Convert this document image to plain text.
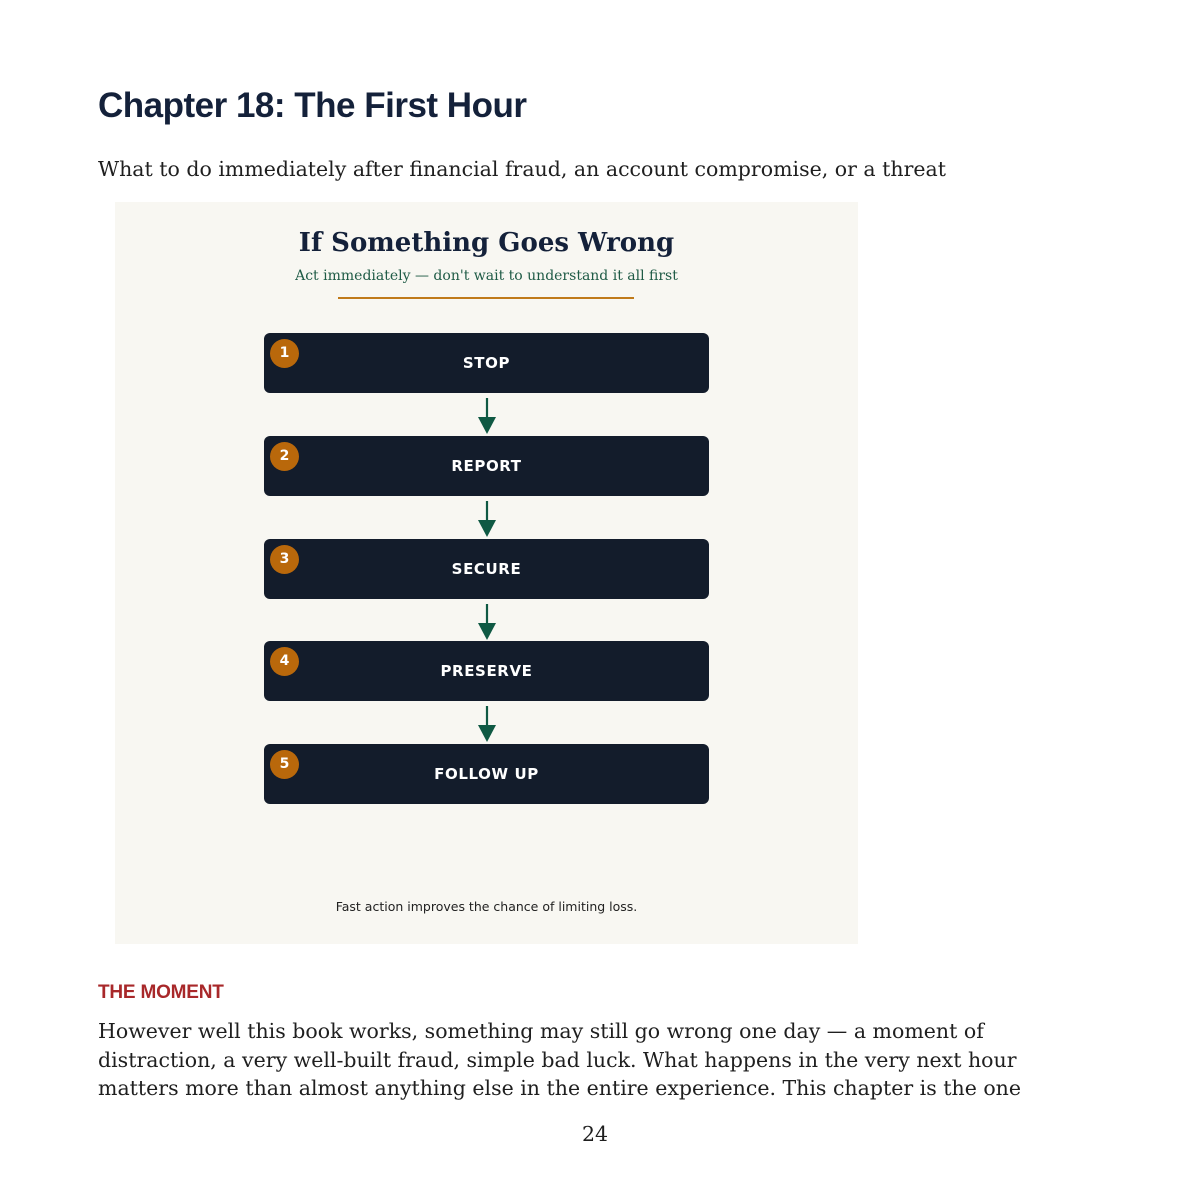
Chapter 18: The First Hour

What to do immediately after financial fraud, an account compromise, or a threat

If Something Goes Wrong

Act immediately — don't wait to understand it all first

STOP
1
REPORT
2
SECURE
3
PRESERVE
4
FOLLOW UP
5

Fast action improves the chance of limiting loss.

THE MOMENT

However well this book works, something may still go wrong one day — a moment of
distraction, a very well-built fraud, simple bad luck. What happens in the very next hour
matters more than almost anything else in the entire experience. This chapter is the one

24
